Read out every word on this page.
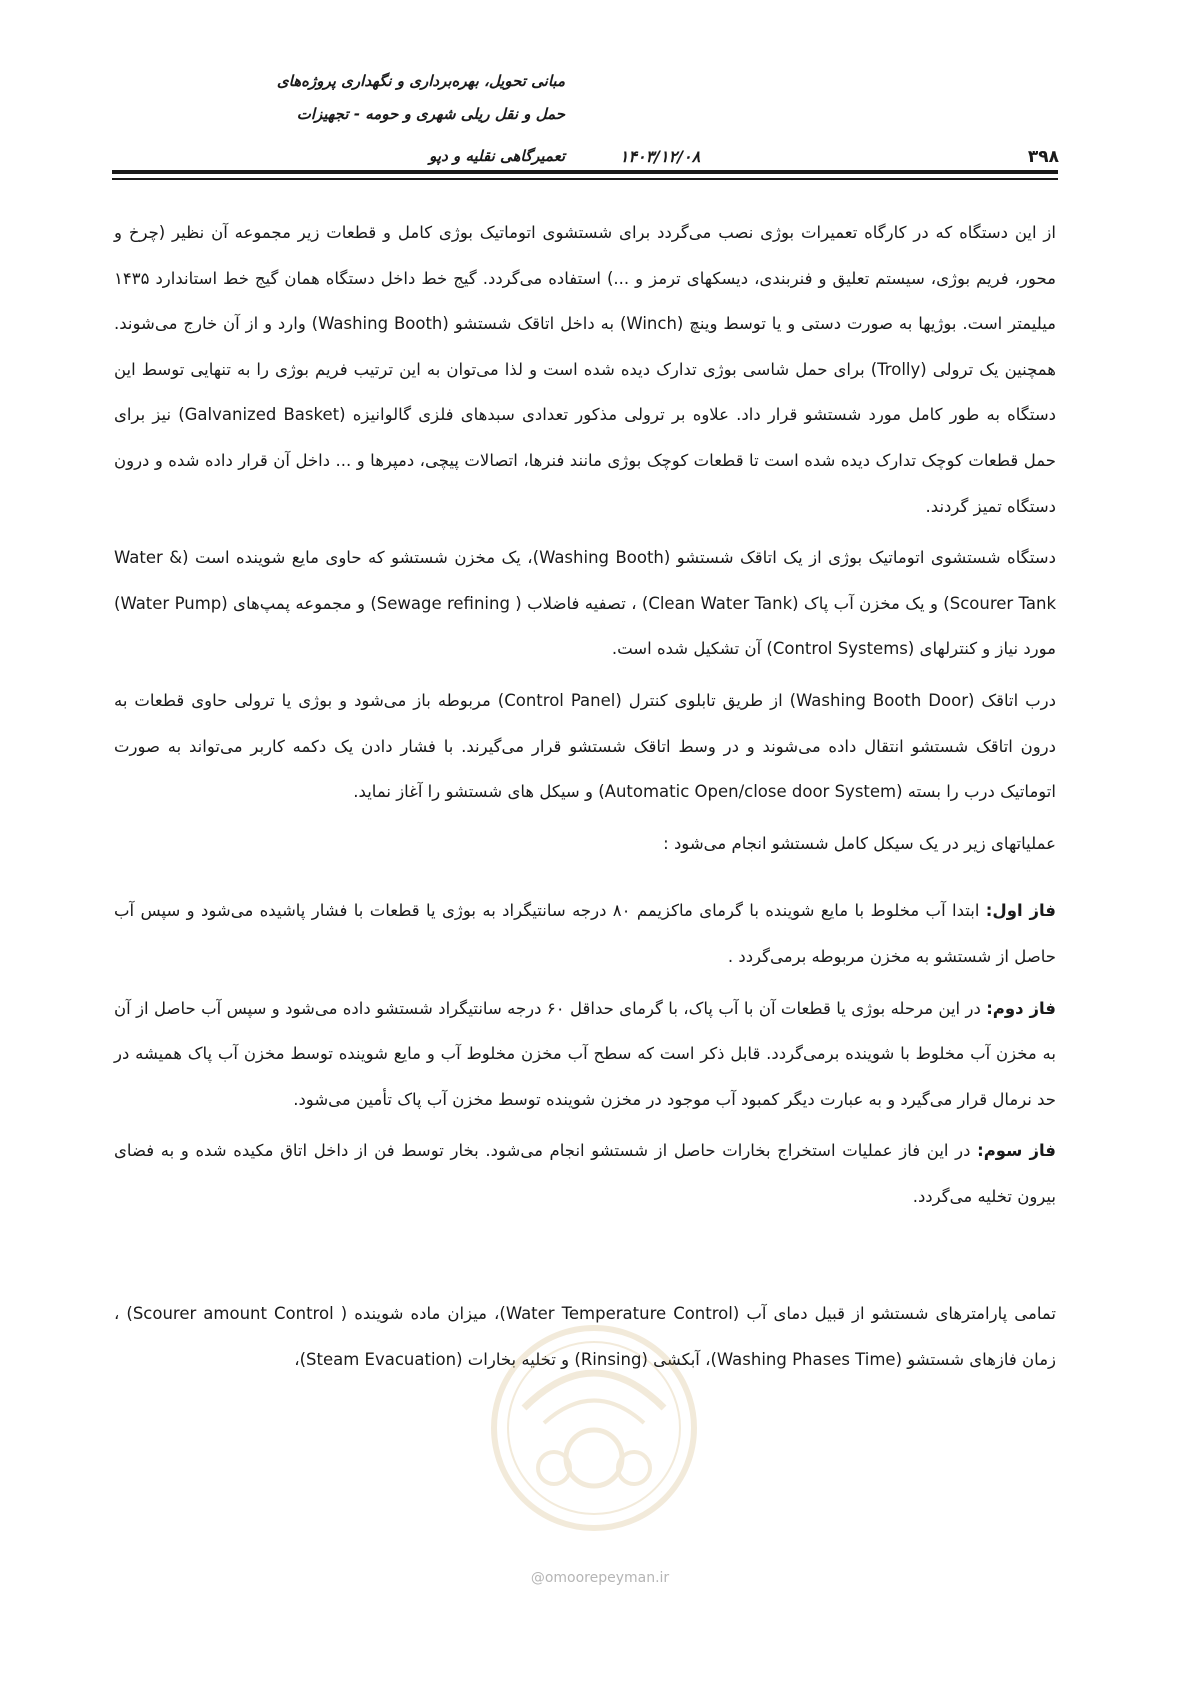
مبانی تحویل، بهره‌برداری و نگهداری پروژه‌های
حمل و نقل ریلی شهری و حومه - تجهیزات
تعمیرگاهی نقلیه و دپو	۱۴۰۳/۱۲/۰۸	۳۹۸

از این دستگاه که در کارگاه تعمیرات بوژی نصب می‌گردد برای شستشوی اتوماتیک بوژی کامل و قطعات زیر مجموعه آن نظیر (چرخ و محور، فریم بوژی، سیستم تعلیق و فنربندی، دیسکهای ترمز و ...) استفاده می‌گردد. گیج خط داخل دستگاه همان گیج خط استاندارد ۱۴۳۵ میلیمتر است. بوژیها به صورت دستی و یا توسط وینچ (Winch) به داخل اتاقک شستشو (Washing Booth) وارد و از آن خارج می‌شوند. همچنین یک ترولی (Trolly) برای حمل شاسی بوژی تدارک دیده شده است و لذا می‌توان به این ترتیب فریم بوژی را به تنهایی توسط این دستگاه به طور کامل مورد شستشو قرار داد. علاوه بر ترولی مذکور تعدادی سبدهای فلزی گالوانیزه (Galvanized Basket) نیز برای حمل قطعات کوچک تدارک دیده شده است تا قطعات کوچک بوژی مانند فنرها، اتصالات پیچی، دمپرها و ... داخل آن قرار داده شده و درون دستگاه تمیز گردند.

دستگاه شستشوی اتوماتیک بوژی از یک اتاقک شستشو (Washing Booth)، یک مخزن شستشو که حاوی مایع شوینده است (Water & Scourer Tank) و یک مخزن آب پاک (Clean Water Tank) ، تصفیه فاضلاب ( Sewage refining) و مجموعه پمپ‌های (Water Pump) مورد نیاز و کنترلهای (Control Systems) آن تشکیل شده است.

درب اتاقک (Washing Booth Door) از طریق تابلوی کنترل (Control Panel) مربوطه باز می‌شود و بوژی یا ترولی حاوی قطعات به درون اتاقک شستشو انتقال داده می‌شوند و در وسط اتاقک شستشو قرار می‌گیرند. با فشار دادن یک دکمه کاربر می‌تواند به صورت اتوماتیک درب را بسته (Automatic Open/close door System) و سیکل های شستشو را آغاز نماید.

عملیاتهای زیر در یک سیکل کامل شستشو انجام می‌شود :

فاز اول: ابتدا آب مخلوط با مایع شوینده با گرمای ماکزیمم ۸۰ درجه سانتیگراد به بوژی یا قطعات با فشار پاشیده می‌شود و سپس آب حاصل از شستشو به مخزن مربوطه برمی‌گردد .

فاز دوم: در این مرحله بوژی یا قطعات آن با آب پاک، با گرمای حداقل ۶۰ درجه سانتیگراد شستشو داده می‌شود و سپس آب حاصل از آن به مخزن آب مخلوط با شوینده برمی‌گردد. قابل ذکر است که سطح آب مخزن مخلوط آب و مایع شوینده توسط مخزن آب پاک همیشه در حد نرمال قرار می‌گیرد و به عبارت دیگر کمبود آب موجود در مخزن شوینده توسط مخزن آب پاک تأمین می‌شود.

فاز سوم: در این فاز عملیات استخراج بخارات حاصل از شستشو انجام می‌شود. بخار توسط فن از داخل اتاق مکیده شده و به فضای بیرون تخلیه می‌گردد.

تمامی پارامترهای شستشو از قبیل دمای آب (Water Temperature Control)، میزان ماده شوینده ( Scourer amount Control) ، زمان فازهای شستشو (Washing Phases Time)، آبکشی (Rinsing) و تخلیه بخارات (Steam Evacuation)،

@omoorepeyman.ir
